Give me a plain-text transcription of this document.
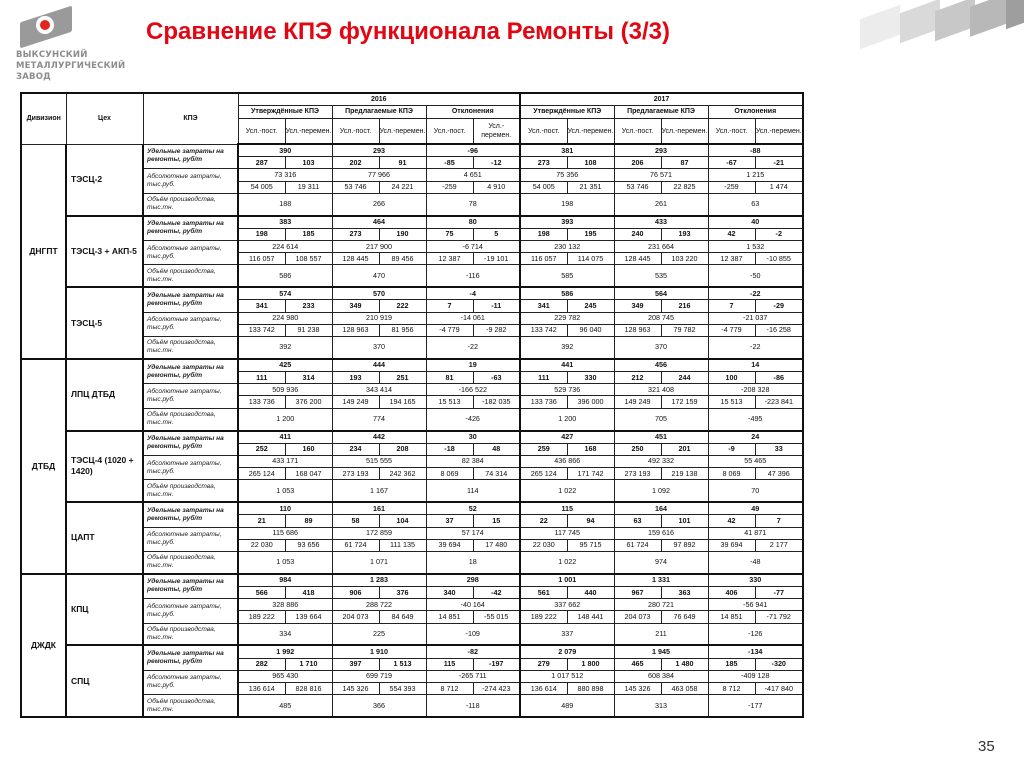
ВЫКСУНСКИЙ
МЕТАЛЛУРГИЧЕСКИЙ
ЗАВОД
Сравнение КПЭ функционала Ремонты (3/3)
Дивизион	Цех	КПЭ	2016						2017					
			Утверждённые КПЭ		Предлагаемые КПЭ		Отклонения		Утверждённые КПЭ		Предлагаемые КПЭ		Отклонения	
			Усл.-пост.	Усл.-перемен.	Усл.-пост.	Усл.-перемен.	Усл.-пост.	Усл.-перемен.	Усл.-пост.	Усл.-перемен.	Усл.-пост.	Усл.-перемен.	Усл.-пост.	Усл.-перемен.
ДНГПТ	ТЭСЦ-2	Удельные затраты на ремонты, руб/т	390		293		-96		381		293		-88	
			287	103	202	91	-85	-12	273	108	206	87	-67	-21
		Абсолютные затраты, тыс.руб.	73 316		77 966		4 651		75 356		76 571		1 215	
			54 005	19 311	53 746	24 221	-259	4 910	54 005	21 351	53 746	22 825	-259	1 474
		Объём производства, тыс.тн.	188		266		78		198		261		63	

	ТЭСЦ-3 + АКП-5	Удельные затраты на ремонты, руб/т	383		464		80		393		433		40	
			198	185	273	190	75	5	198	195	240	193	42	-2
		Абсолютные затраты, тыс.руб.	224 614		217 900		-6 714		230 132		231 664		1 532	
			116 057	108 557	128 445	89 456	12 387	-19 101	116 057	114 075	128 445	103 220	12 387	-10 855
		Объём производства, тыс.тн.	586		470		-116		585		535		-50	

	ТЭСЦ-5	Удельные затраты на ремонты, руб/т	574		570		-4		586		564		-22	
			341	233	349	222	7	-11	341	245	349	216	7	-29
		Абсолютные затраты, тыс.руб.	224 980		210 919		-14 061		229 782		208 745		-21 037	
			133 742	91 238	128 963	81 956	-4 779	-9 282	133 742	96 040	128 963	79 782	-4 779	-16 258
		Объём производства, тыс.тн.	392		370		-22		392		370		-22	

ДТБД	ЛПЦ ДТБД	Удельные затраты на ремонты, руб/т	425		444		19		441		456		14	
			111	314	193	251	81	-63	111	330	212	244	100	-86
		Абсолютные затраты, тыс.руб.	509 936		343 414		-166 522		529 736		321 408		-208 328	
			133 736	376 200	149 249	194 165	15 513	-182 035	133 736	396 000	149 249	172 159	15 513	-223 841
		Объём производства, тыс.тн.	1 200		774		-426		1 200		705		-495	

	ТЭСЦ-4 (1020 + 1420)	Удельные затраты на ремонты, руб/т	411		442		30		427		451		24	
			252	160	234	208	-18	48	259	168	250	201	-9	33
		Абсолютные затраты, тыс.руб.	433 171		515 555		82 384		436 866		492 332		55 465	
			265 124	168 047	273 193	242 362	8 069	74 314	265 124	171 742	273 193	219 138	8 069	47 396
		Объём производства, тыс.тн.	1 053		1 167		114		1 022		1 092		70	

	ЦАПТ	Удельные затраты на ремонты, руб/т	110		161		52		115		164		49	
			21	89	58	104	37	15	22	94	63	101	42	7
		Абсолютные затраты, тыс.руб.	115 686		172 859		57 174		117 745		159 616		41 871	
			22 030	93 656	61 724	111 135	39 694	17 480	22 030	95 715	61 724	97 892	39 694	2 177
		Объём производства, тыс.тн.	1 053		1 071		18		1 022		974		-48	

ДЖДК	КПЦ	Удельные затраты на ремонты, руб/т	984		1 283		298		1 001		1 331		330	
			566	418	906	376	340	-42	561	440	967	363	406	-77
		Абсолютные затраты, тыс.руб.	328 886		288 722		-40 164		337 662		280 721		-56 941	
			189 222	139 664	204 073	84 649	14 851	-55 015	189 222	148 441	204 073	76 649	14 851	-71 792
		Объём производства, тыс.тн.	334		225		-109		337		211		-126	

	СПЦ	Удельные затраты на ремонты, руб/т	1 992		1 910		-82		2 079		1 945		-134	
			282	1 710	397	1 513	115	-197	279	1 800	465	1 480	185	-320
		Абсолютные затраты, тыс.руб.	965 430		699 719		-265 711		1 017 512		608 384		-409 128	
			136 614	828 816	145 326	554 393	8 712	-274 423	136 614	880 898	145 326	463 058	8 712	-417 840
		Объём производства, тыс.тн.	485		366		-118		489		313		-177	

35
